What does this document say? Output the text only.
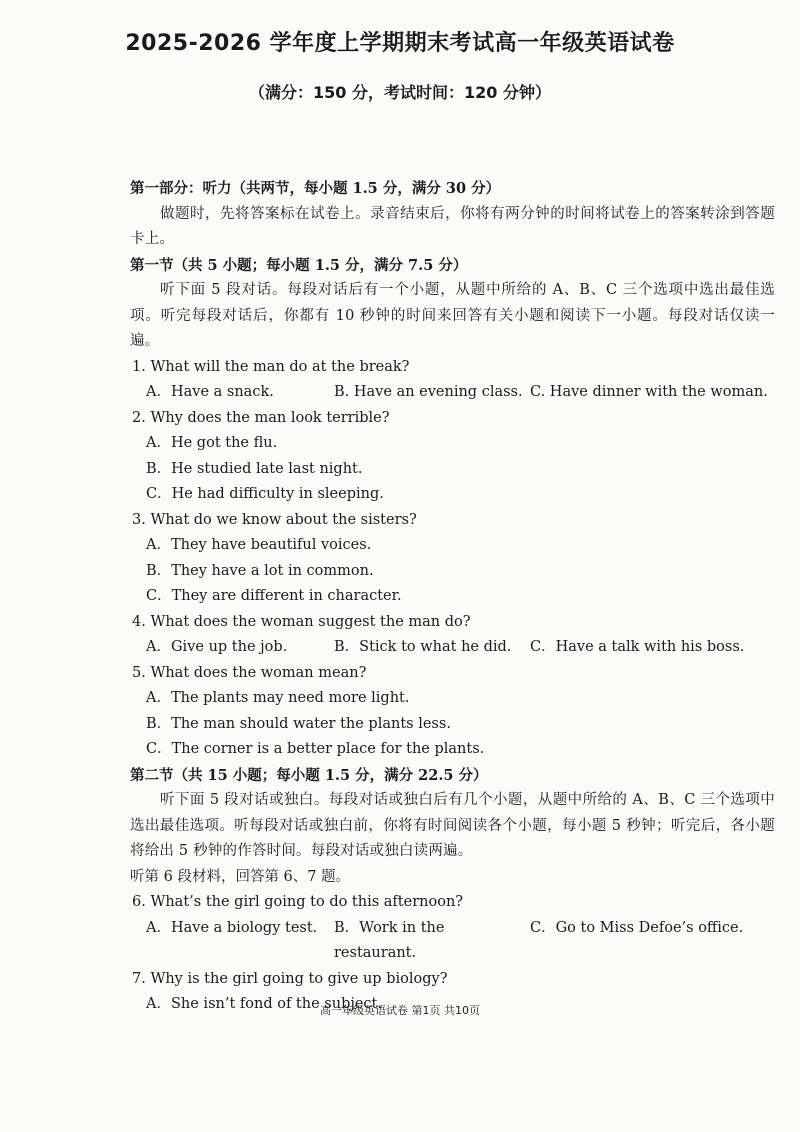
2025-2026 学年度上学期期末考试高一年级英语试卷
（满分：150 分，考试时间：120 分钟）
第一部分：听力（共两节，每小题 1.5 分，满分 30 分）
做题时，先将答案标在试卷上。录音结束后，你将有两分钟的时间将试卷上的答案转涂到答题卡上。
第一节（共 5 小题；每小题 1.5 分，满分 7.5 分）
听下面 5 段对话。每段对话后有一个小题，从题中所给的 A、B、C 三个选项中选出最佳选项。听完每段对话后，你都有 10 秒钟的时间来回答有关小题和阅读下一小题。每段对话仅读一遍。
1. What will the man do at the break?
A．Have a snack.	B. Have an evening class. C. Have dinner with the woman.
2. Why does the man look terrible?
A．He got the flu.
B．He studied late last night.
C．He had difficulty in sleeping.
3. What do we know about the sisters?
A．They have beautiful voices.
B．They have a lot in common.
C．They are different in character.
4. What does the woman suggest the man do?
A．Give up the job.	B．Stick to what he did.	C．Have a talk with his boss.
5. What does the woman mean?
A．The plants may need more light.
B．The man should water the plants less.
C．The corner is a better place for the plants.
第二节（共 15 小题；每小题 1.5 分，满分 22.5 分）
听下面 5 段对话或独白。每段对话或独白后有几个小题，从题中所给的 A、B、C 三个选项中选出最佳选项。听每段对话或独白前，你将有时间阅读各个小题，每小题 5 秒钟；听完后，各小题将给出 5 秒钟的作答时间。每段对话或独白读两遍。
听第 6 段材料，回答第 6、7 题。
6. What’s the girl going to do this afternoon?
A．Have a biology test.	B．Work in the restaurant.
C．Go to Miss Defoe’s office.
7. Why is the girl going to give up biology?
A．She isn’t fond of the subject.
高一年级英语试卷 第1页 共10页
